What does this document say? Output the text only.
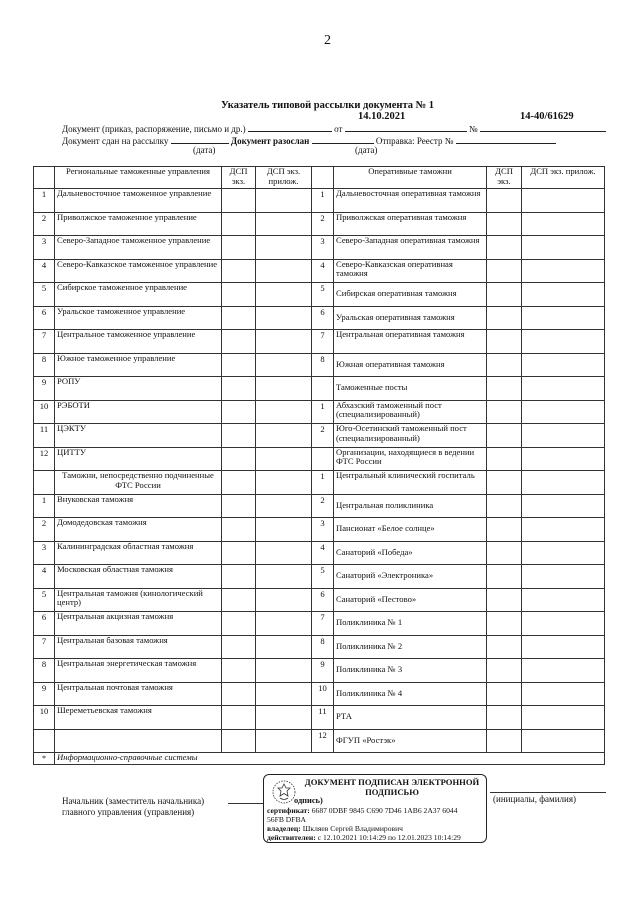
2
Указатель типовой рассылки документа № 1
14.10.2021	14-40/61629
Документ (приказ, распоряжение, письмо и др.)	от	№
Документ сдан на рассылку	Документ разослан	Отправка: Реестр №
(дата)	(дата)
	Региональные таможенные управления	ДСП экз.	ДСП экз. прилож.		Оперативные таможни	ДСП экз.	ДСП экз. прилож.
1	Дальневосточное таможенное управление			1	Дальневосточная оперативная таможня		
2	Приволжское таможенное управление			2	Приволжская оперативная таможня		
3	Северо-Западное таможенное управление			3	Северо-Западная оперативная таможня		
4	Северо-Кавказское таможенное управление			4	Северо-Кавказская оперативная таможня		
5	Сибирское таможенное управление			5	Сибирская оперативная таможня		
6	Уральское таможенное управление			6	Уральская оперативная таможня		
7	Центральное таможенное управление			7	Центральная оперативная таможня		
8	Южное таможенное управление			8	Южная оперативная таможня		
9	РОПУ				Таможенные посты		
10	РЭБОТИ			1	Абхазский таможенный пост (специализированный)		
11	ЦЭКТУ			2	Юго-Осетинский таможенный пост (специализированный)		
12	ЦИТТУ				Организации, находящиеся в ведении ФТС России		
	Таможни, непосредственно подчиненные ФТС России			1	Центральный клинический госпиталь		
1	Внуковская таможня			2	Центральная поликлиника		
2	Домодедовская таможня			3	Пансионат «Белое солнце»		
3	Калининградская областная таможня			4	Санаторий «Победа»		
4	Московская областная таможня			5	Санаторий «Электроника»		
5	Центральная таможня (кинологический центр)			6	Санаторий «Пестово»		
6	Центральная акцизная таможня			7	Поликлиника № 1		
7	Центральная базовая таможня			8	Поликлиника № 2		
8	Центральная энергетическая таможня			9	Поликлиника № 3		
9	Центральная почтовая таможня			10	Поликлиника № 4		
10	Шереметьевская таможня			11	РТА		
				12	ФГУП «Ростэк»		
*	Информационно-справочные системы						
Начальник (заместитель начальника) главного управления (управления)
(инициалы, фамилия)
ДОКУМЕНТ ПОДПИСАН ЭЛЕКТРОННОЙ ПОДПИСЬЮ
одпись)
сертификат: 6687 0DBF 9845 C690 7D46 1AB6 2A37 6044
56FB DFBA
владелец: Шкляев Сергей Владимирович
действителен: с 12.10.2021 10:14:29 по 12.01.2023 10:14:29
